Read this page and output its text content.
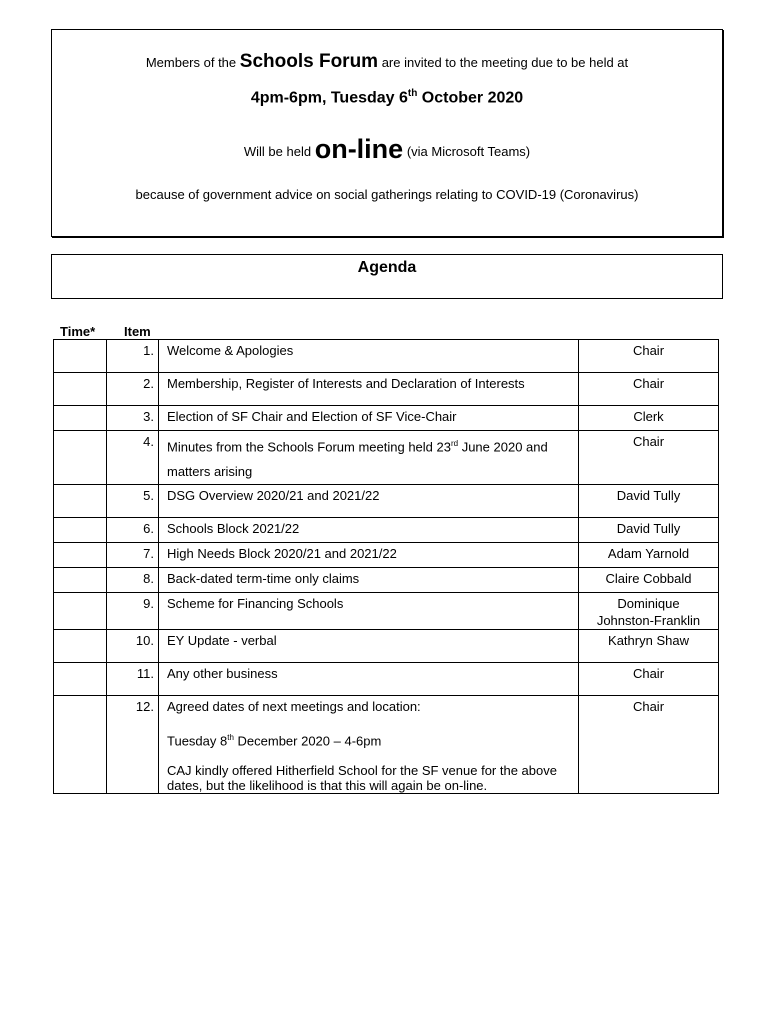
Members of the Schools Forum are invited to the meeting due to be held at
4pm-6pm, Tuesday 6th October 2020
Will be held on-line (via Microsoft Teams)
because of government advice on social gatherings relating to COVID-19 (Coronavirus)
Agenda
Time* Item
	1.	Welcome & Apologies	Chair
	2.	Membership, Register of Interests and Declaration of Interests	Chair
	3.	Election of SF Chair and Election of SF Vice-Chair	Clerk
	4.	Minutes from the Schools Forum meeting held 23rd June 2020 and
matters arising	Chair
	5.	DSG Overview 2020/21 and 2021/22	David Tully
	6.	Schools Block 2021/22	David Tully
	7.	High Needs Block 2020/21 and 2021/22	Adam Yarnold
	8.	Back-dated term-time only claims	Claire Cobbald
	9.	Scheme for Financing Schools	Dominique
Johnston-Franklin
	10.	EY Update - verbal	Kathryn Shaw
	11.	Any other business	Chair
	12.	Agreed dates of next meetings and location:

Tuesday 8th December 2020 – 4-6pm

CAJ kindly offered Hitherfield School for the SF venue for the above dates, but the likelihood is that this will again be on-line.	Chair
